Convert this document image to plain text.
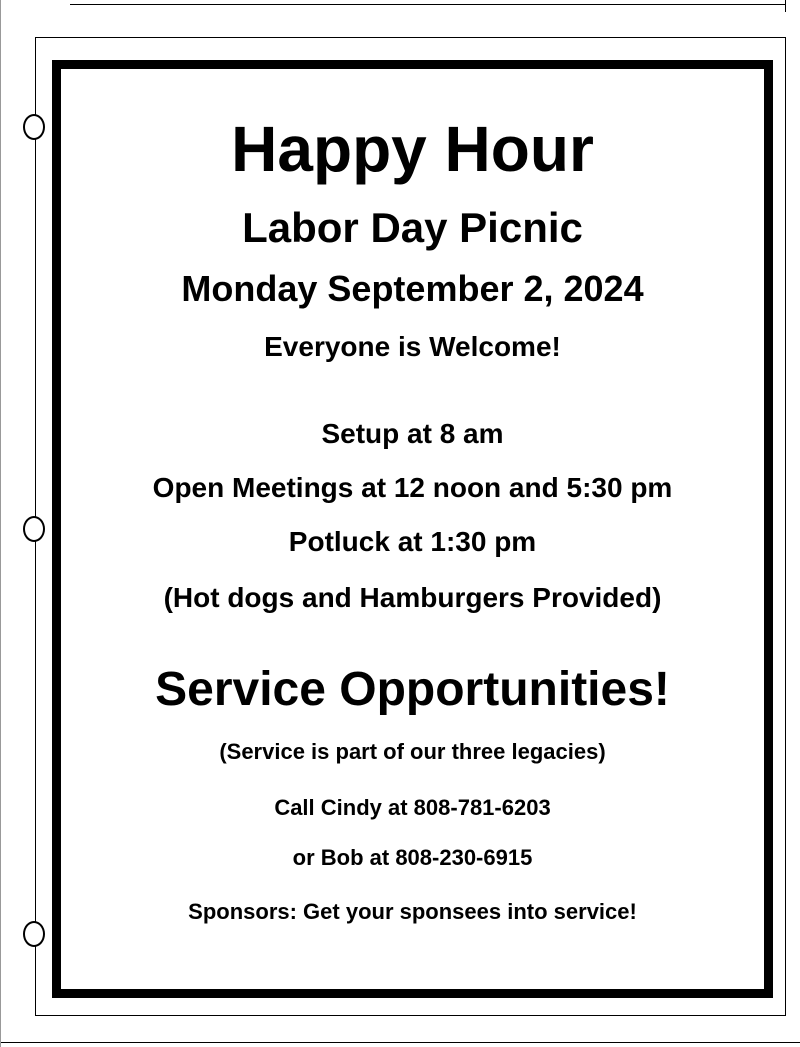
Happy Hour
Labor Day Picnic
Monday September 2, 2024
Everyone is Welcome!
Setup at 8 am
Open Meetings at 12 noon and 5:30 pm
Potluck at 1:30 pm
(Hot dogs and Hamburgers Provided)
Service Opportunities!
(Service is part of our three legacies)
Call Cindy at 808-781-6203
or Bob at 808-230-6915
Sponsors: Get your sponsees into service!
